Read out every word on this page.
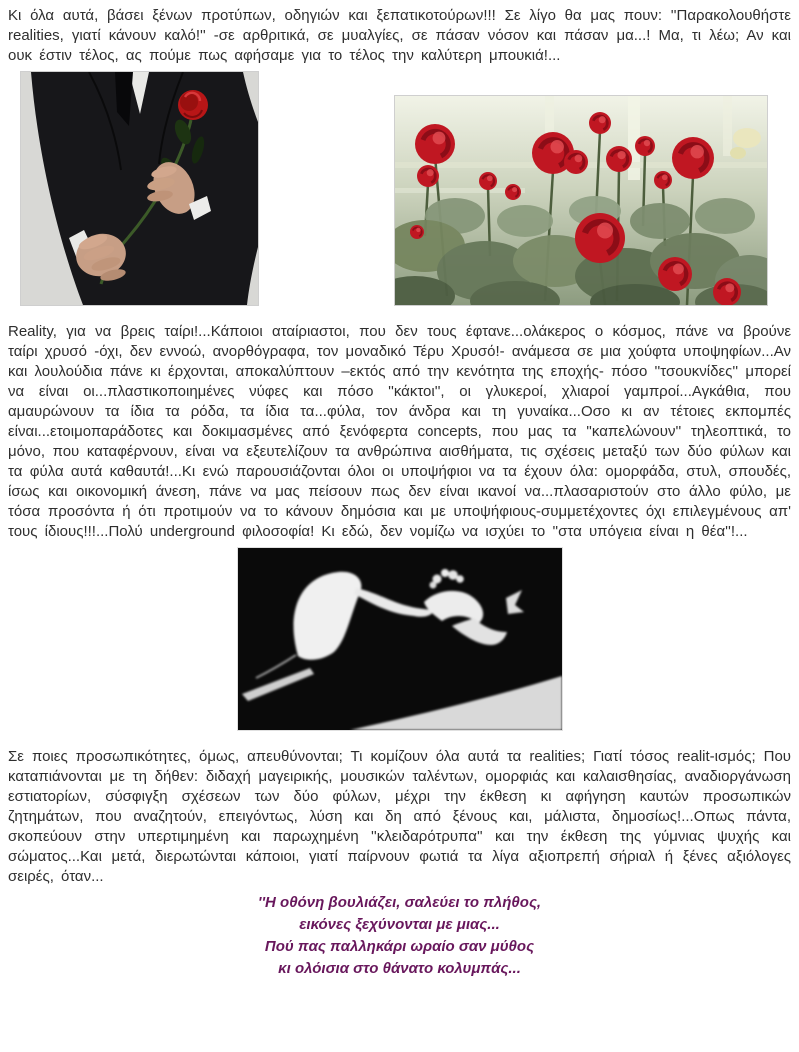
Κι όλα αυτά, βάσει ξένων προτύπων, οδηγιών και ξεπατικοτούρων!!! Σε λίγο θα μας πουν: ''Παρακολουθήστε realities, γιατί κάνουν καλό!'' -σε αρθριτικά, σε μυαλγίες, σε πάσαν νόσον και πάσαν μα...! Μα, τι λέω; Αν και ουκ έστιν τέλος, ας πούμε πως αφήσαμε για το τέλος την καλύτερη μπουκιά!...

Reality, για να βρεις ταίρι!...Κάποιοι αταίριαστοι, που δεν τους έφτανε...ολάκερος ο κόσμος, πάνε να βρούνε ταίρι χρυσό -όχι, δεν εννοώ, ανορθόγραφα, τον μοναδικό Τέρυ Χρυσό!- ανάμεσα σε μια χούφτα υποψηφίων...Αν και λουλούδια πάνε κι έρχονται, αποκαλύπτουν –εκτός από την κενότητα της εποχής- πόσο ''τσουκνίδες'' μπορεί να είναι οι...πλαστικοποιημένες νύφες και πόσο ''κάκτοι'', οι γλυκεροί, χλιαροί γαμπροί...Αγκάθια, που αμαυρώνουν τα ίδια τα ρόδα, τα ίδια τα...φύλα, τον άνδρα και τη γυναίκα...Οσο κι αν τέτοιες εκπομπές είναι...ετοιμοπαράδοτες και δοκιμασμένες από ξενόφερτα concepts, που μας τα ''καπελώνουν'' τηλεοπτικά, το μόνο, που καταφέρνουν, είναι να εξευτελίζουν τα ανθρώπινα αισθήματα, τις σχέσεις μεταξύ των δύο φύλων και τα φύλα αυτά καθαυτά!...Κι ενώ παρουσιάζονται όλοι οι υποψήφιοι να τα έχουν όλα: ομορφάδα, στυλ, σπουδές, ίσως και οικονομική άνεση, πάνε να μας πείσουν πως δεν είναι ικανοί να...πλασαριστούν στο άλλο φύλο, με τόσα προσόντα ή ότι προτιμούν να το κάνουν δημόσια και με υποψήφιους-συμμετέχοντες όχι επιλεγμένους απ' τους ίδιους!!!...Πολύ underground φιλοσοφία! Κι εδώ, δεν νομίζω να ισχύει το ''στα υπόγεια είναι η θέα''!...

Σε ποιες προσωπικότητες, όμως, απευθύνονται; Τι κομίζουν όλα αυτά τα realities; Γιατί τόσος realit-ισμός; Που καταπιάνονται με τη δήθεν: διδαχή μαγειρικής, μουσικών ταλέντων, ομορφιάς και καλαισθησίας, αναδιοργάνωση εστιατορίων, σύσφιγξη σχέσεων των δύο φύλων, μέχρι την έκθεση κι αφήγηση καυτών προσωπικών ζητημάτων, που αναζητούν, επειγόντως, λύση και δη από ξένους και, μάλιστα, δημοσίως!...Οπως πάντα, σκοπεύουν στην υπερτιμημένη και παρωχημένη ''κλειδαρότρυπα'' και την έκθεση της γύμνιας ψυχής και σώματος...Και μετά, διερωτώνται κάποιοι, γιατί παίρνουν φωτιά τα λίγα αξιοπρεπή σήριαλ ή ξένες αξιόλογες σειρές, όταν...

''Η οθόνη βουλιάζει, σαλεύει το πλήθος,
εικόνες ξεχύνονται με μιας...
Πού πας παλληκάρι ωραίο σαν μύθος
κι ολόισια στο θάνατο κολυμπάς...
